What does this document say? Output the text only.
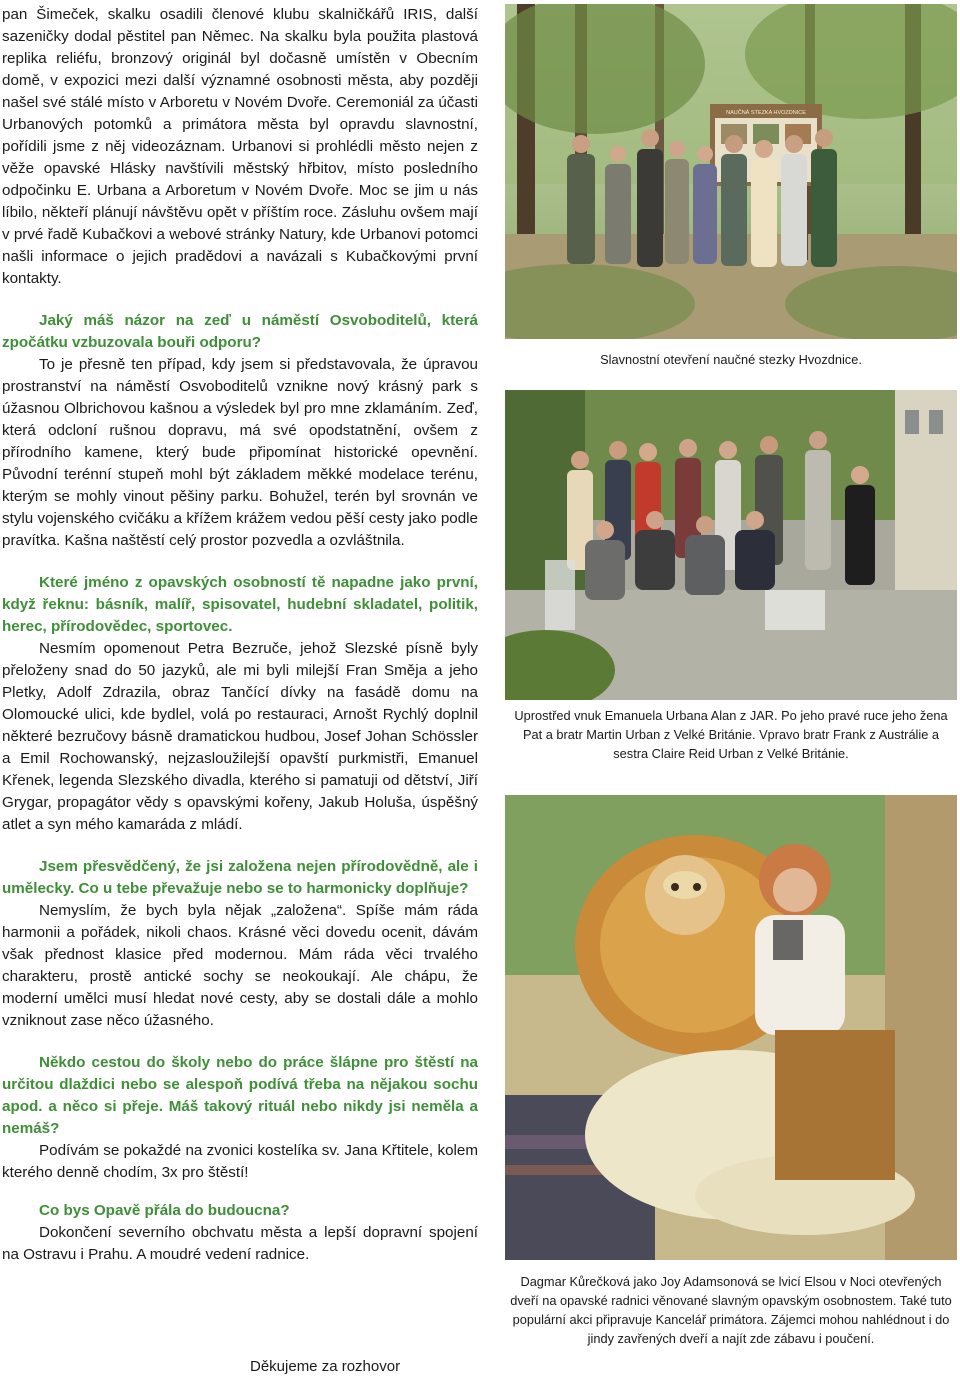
pan Šimeček, skalku osadili členové klubu skalničkářů IRIS, další sazeničky dodal pěstitel pan Němec. Na skalku byla použita plastová replika reliéfu, bronzový originál byl dočasně umístěn v Obecním domě, v expozici mezi další významné osobnosti města, aby později našel své stálé místo v Arboretu v Novém Dvoře. Ceremoniál za účasti Urbanových potomků a primátora města byl opravdu slavnostní, pořídili jsme z něj videozáznam. Urbanovi si prohlédli město nejen z věže opavské Hlásky navštívili městský hřbitov, místo posledního odpočinku E. Urbana a Arboretum v Novém Dvoře. Moc se jim u nás líbilo, někteří plánují návštěvu opět v příštím roce. Zásluhu ovšem mají v prvé řadě Kubačkovi a webové stránky Natury, kde Urbanovi potomci našli informace o jejich pradědovi a navázali s Kubačkovými první kontakty.

Jaký máš názor na zeď u náměstí Osvoboditelů, která zpočátku vzbuzovala bouři odporu?

To je přesně ten případ, kdy jsem si představovala, že úpravou prostranství na náměstí Osvoboditelů vznikne nový krásný park s úžasnou Olbrichovou kašnou a výsledek byl pro mne zklamáním. Zeď, která odcloní rušnou dopravu, má své opodstatnění, ovšem z přírodního kamene, který bude připomínat historické opevnění. Původní terénní stupeň mohl být základem měkké modelace terénu, kterým se mohly vinout pěšiny parku. Bohužel, terén byl srovnán ve stylu vojenského cvičáku a křížem krážem vedou pěší cesty jako podle pravítka. Kašna naštěstí celý prostor pozvedla a ozvláštnila.

Které jméno z opavských osobností tě napadne jako první, když řeknu: básník, malíř, spisovatel, hudební skladatel, politik, herec, přírodovědec, sportovec.

Nesmím opomenout Petra Bezruče, jehož Slezské písně byly přeloženy snad do 50 jazyků, ale mi byli milejší Fran Směja a jeho Pletky, Adolf Zdrazila, obraz Tančící dívky na fasádě domu na Olomoucké ulici, kde bydlel, volá po restauraci, Arnošt Rychlý doplnil některé bezručovy básně dramatickou hudbou, Josef Johan Schössler a Emil Rochowanský, nejzasloužilejší opavští purkmistři, Emanuel Křenek, legenda Slezského divadla, kterého si pamatuji od dětství, Jiří Grygar, propagátor vědy s opavskými kořeny, Jakub Holuša, úspěšný atlet a syn mého kamaráda z mládí.

Jsem přesvědčený, že jsi založena nejen přírodovědně, ale i umělecky. Co u tebe převažuje nebo se to harmonicky doplňuje?

Nemyslím, že bych byla nějak „založena“. Spíše mám ráda harmonii a pořádek, nikoli chaos. Krásné věci dovedu ocenit, dávám však přednost klasice před modernou. Mám ráda věci trvalého charakteru, prostě antické sochy se neokoukají. Ale chápu, že moderní umělci musí hledat nové cesty, aby se dostali dále a mohlo vzniknout zase něco úžasného.

Někdo cestou do školy nebo do práce šlápne pro štěstí na určitou dlaždici nebo se alespoň podívá třeba na nějakou sochu apod. a něco si přeje. Máš takový rituál nebo nikdy jsi neměla a nemáš?

Podívám se pokaždé na zvonici kostelíka sv. Jana Křtitele, kolem kterého denně chodím, 3x pro štěstí!

Co bys Opavě přála do budoucna?

Dokončení severního obchvatu města a lepší dopravní spojení na Ostravu i Prahu. A moudré vedení radnice.

Děkujeme za rozhovor
NAUČNÁ STEZKA HVOZDNICE
Slavnostní otevření naučné stezky Hvozdnice.
Uprostřed vnuk Emanuela Urbana Alan z JAR. Po jeho pravé ruce jeho žena Pat a bratr Martin Urban z Velké Británie. Vpravo bratr Frank z Austrálie a sestra Claire Reid Urban z Velké Británie.
Dagmar Kůrečková jako Joy Adamsonová se lvicí Elsou v Noci otevřených dveří na opavské radnici věnované slavným opavským osobnostem. Také tuto populární akci připravuje Kancelář primátora. Zájemci mohou nahlédnout i do jindy zavřených dveří a najít zde zábavu i poučení.
